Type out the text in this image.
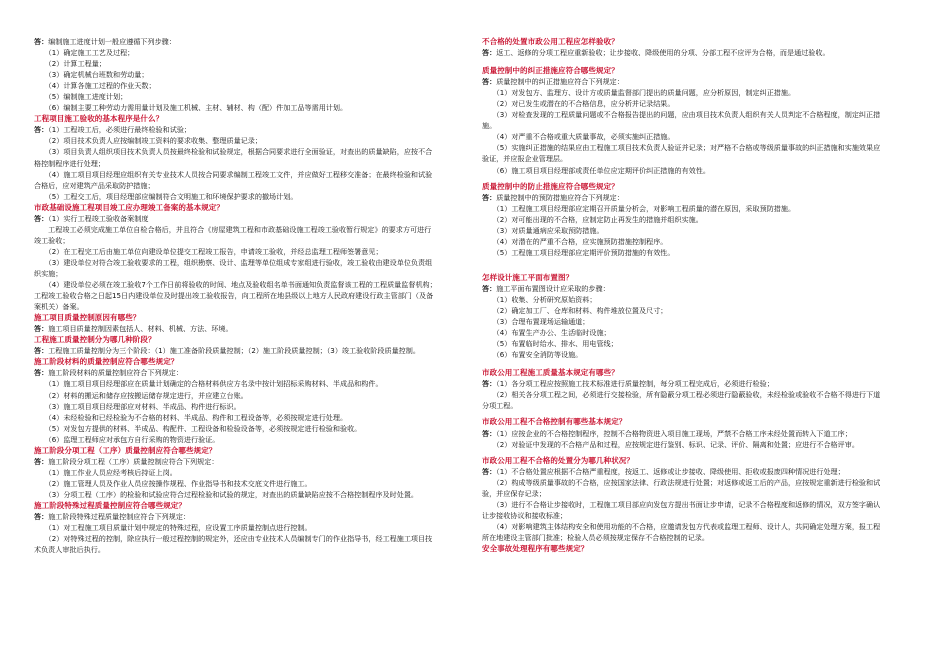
答：编制施工进度计划一般应遵循下列步骤：
　　（1）确定施工工艺及过程；
　　（2）计算工程量；
　　（3）确定机械台班数和劳动量；
　　（4）计算各施工过程的作业天数；
　　（5）编制施工进度计划；
　　（6）编制主要工种劳动力需用量计划及施工机械、主材、辅材、构（配）件加工品等需用计划。
工程项目施工验收的基本程序是什么？
答：（1）工程竣工后，必须进行最终检验和试验；
　　（2）项目技术负责人应按编制竣工资料的要求收集、整理质量记录；
　　（3）项目负责人组织项目技术负责人员按最终检验和试验规定，根据合同要求进行全面验证，对查出的质量缺陷，应按不合格控制程序进行处理；
　　（4）施工项目项目经理应组织有关专业技术人员按合同要求编制工程竣工文件，并应做好工程移交准备；在最终检验和试验合格后，应对建筑产品采取防护措施；
　　（5）工程交工后，项目经理部应编制符合文明施工和环境保护要求的撤场计划。
市政基础设施工程项目竣工应办理竣工备案的基本规定？
答：（1）实行工程竣工验收备案制度
　　工程竣工必须完成施工单位自检合格后，并且符合《房屋建筑工程和市政基础设施工程竣工验收暂行规定》的要求方可进行竣工验收；
　　（2）在工程完工后由施工单位向建设单位提交工程竣工报告，申请竣工验收，并经总监理工程师签署意见；
　　（3）建设单位对符合竣工验收要求的工程，组织勘察、设计、监理等单位组成专家组进行验收，竣工验收由建设单位负责组织实施；
　　（4）建设单位必须在竣工验收7个工作日前将验收的时间、地点及验收组名单书面通知负责监督该工程的工程质量监督机构；工程竣工验收合格之日起15日内建设单位及时提出竣工验收报告，向工程所在地县级以上地方人民政府建设行政主管部门（及备案机关）备案。
施工项目质量控制原因有哪些？
答：施工项目质量控制因素包括人、材料、机械、方法、环境。
工程施工质量控制分为哪几种阶段？
答：工程施工质量控制分为三个阶段：（1）施工准备阶段质量控制；（2）施工阶段质量控制；（3）竣工验收阶段质量控制。
施工阶段材料的质量控制应符合哪些规定？
答：施工阶段材料的质量控制应符合下列规定：
　　（1）施工项目项目经理部应在质量计划确定的合格材料供应方名录中按计划招标采购材料、半成品和构件。
　　（2）材料的搬运和储存应按搬运储存规定进行，并应建立台账。
　　（3）施工项目项目经理部应对材料、半成品、构件进行标识。
　　（4）未经检验和已经检验为不合格的材料、半成品、构件和工程设备等，必须按规定进行处理。
　　（5）对发包方提供的材料、半成品、构配件、工程设备和检验设备等，必须按规定进行检验和验收。
　　（6）监理工程师应对承包方自行采购的物资进行验证。
施工阶段分项工程（工序）质量控制应符合哪些规定？
答：施工阶段分项工程（工序）质量控制应符合下列规定：
　　（1）施工作业人员应经考核后持证上岗。
　　（2）施工管理人员及作业人员应按操作规程、作业指导书和技术交底文件进行施工。
　　（3）分项工程（工序）的检验和试验应符合过程检验和试验的规定，对查出的质量缺陷应按不合格控制程序及时处置。
施工阶段特殊过程质量控制应符合哪些规定？
答：施工阶段特殊过程质量控制应符合下列规定：
　　（1）对工程施工项目质量计划中规定的特殊过程，应设置工序质量控制点进行控制。
　　（2）对特殊过程的控制，除应执行一般过程控制的规定外，还应由专业技术人员编制专门的作业指导书，经工程施工项目技术负责人审批后执行。
不合格的处置市政公用工程应怎样验收？
答：返工、返修的分项工程应重新验收；让步接收、降级使用的分项、分部工程不应评为合格，而是通过验收。
质量控制中的纠正措施应符合哪些规定？
答：质量控制中的纠正措施应符合下列规定：
　　（1）对发包方、监理方、设计方或质量监督部门提出的质量问题，应分析原因，制定纠正措施。
　　（2）对已发生或潜在的不合格信息，应分析并记录结果。
　　（3）对检查发现的工程质量问题或不合格报告提出的问题，应由项目技术负责人组织有关人员判定不合格程度，制定纠正措施。
　　（4）对严重不合格或重大质量事故，必须实施纠正措施。
　　（5）实施纠正措施的结果应由工程施工项目技术负责人验证并记录；对严格不合格或等级质量事故的纠正措施和实施效果应验证，并应报企业管理层。
　　（6）施工项目项目经理部或责任单位应定期评价纠正措施的有效性。
质量控制中的防止措施应符合哪些规定？
答：质量控制中的预防措施应符合下列规定：
　　（1）工程施工项目经理部应定期召开质量分析会，对影响工程质量的潜在原因，采取预防措施。
　　（2）对可能出现的不合格，应制定防止再发生的措施并组织实施。
　　（3）对质量通病应采取预防措施。
　　（4）对潜在的严重不合格，应实施预防措施控制程序。
　　（5）工程施工项目经理部应定期评价预防措施的有效性。
怎样设计施工平面布置图？
答：施工平面布置图设计应采取的步骤：
　　（1）收集、分析研究原始资料；
　　（2）确定加工厂、仓库和材料、构件堆放位置及尺寸；
　　（3）合理布置现场运输通道；
　　（4）布置生产办公、生活临时设施；
　　（5）布置临时给水、排水、用电管线；
　　（6）布置安全消防等设施。
市政公用工程施工质量基本规定有哪些？
答：（1）各分项工程应按照施工技术标准进行质量控制，每分项工程完成后，必须进行检验；
　　（2）相关各分项工程之间，必须进行交接检验，所有隐蔽分项工程必须进行隐蔽验收，未经检验或验收不合格不得进行下道分项工程。
市政公用工程不合格控制有哪些基本规定？
答：（1）应按企业的不合格控制程序，控制不合格物资进入项目施工现场，严禁不合格工序未经处置而转入下道工序；
　　（2）对验证中发现的不合格产品和过程，应按规定进行鉴别、标识、记录、评价、隔离和处置；应进行不合格评审。
市政公用工程不合格的处置分为哪几种状况？
答：（1）不合格处置应根据不合格严重程度，按返工、返修或让步接收、降级使用、拒收或报废四种情况进行处理；
　　（2）构成等级质量事故的不合格，应按国家法律、行政法规进行处置；对返修或返工后的产品，应按规定重新进行检验和试验，并应保存记录；
　　（3）进行不合格让步接收时，工程施工项目部应向发包方提出书面让步申请，记录不合格程度和返修的情况，双方签字确认让步接收协议和接收标准；
　　（4）对影响建筑主体结构安全和使用功能的不合格，应邀请发包方代表或监理工程师、设计人，共同确定处理方案，报工程所在地建设主管部门批准；检验人员必须按规定保存不合格控制的记录。
安全事故处理程序有哪些规定？
